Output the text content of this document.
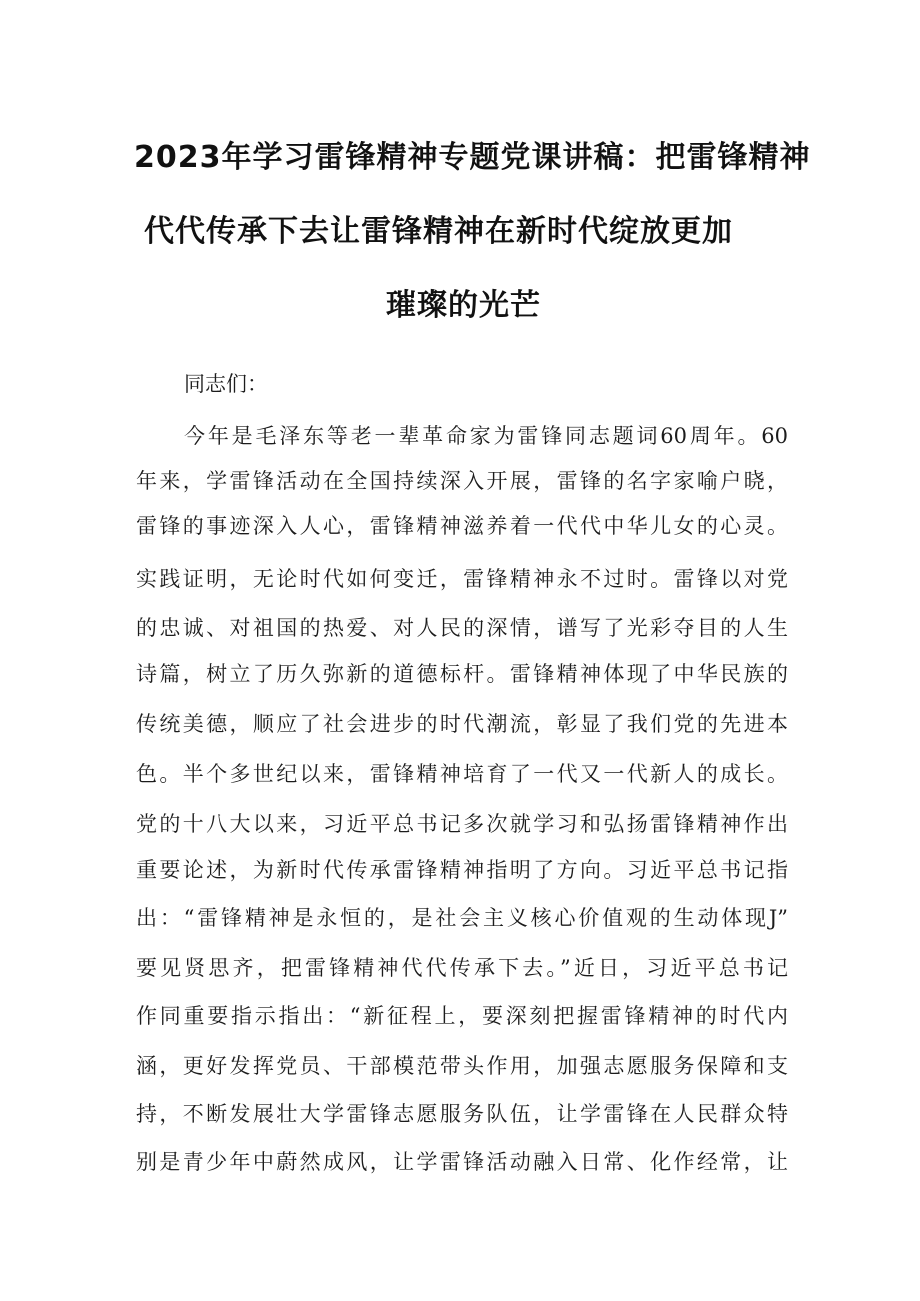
2023年学习雷锋精神专题党课讲稿：把雷锋精神
代代传承下去让雷锋精神在新时代绽放更加
璀璨的光芒
同志们：
今年是毛泽东等老一辈革命家为雷锋同志题词60周年。60
年来，学雷锋活动在全国持续深入开展，雷锋的名字家喻户晓，
雷锋的事迹深入人心，雷锋精神滋养着一代代中华儿女的心灵。
实践证明，无论时代如何变迁，雷锋精神永不过时。雷锋以对党
的忠诚、对祖国的热爱、对人民的深情，谱写了光彩夺目的人生
诗篇，树立了历久弥新的道德标杆。雷锋精神体现了中华民族的
传统美德，顺应了社会进步的时代潮流，彰显了我们党的先进本
色。半个多世纪以来，雷锋精神培育了一代又一代新人的成长。
党的十八大以来，习近平总书记多次就学习和弘扬雷锋精神作出
重要论述，为新时代传承雷锋精神指明了方向。习近平总书记指
出：“雷锋精神是永恒的，是社会主义核心价值观的生动体现J”
要见贤思齐，把雷锋精神代代传承下去。”近日，习近平总书记
作同重要指示指出：“新征程上，要深刻把握雷锋精神的时代内
涵，更好发挥党员、干部模范带头作用，加强志愿服务保障和支
持，不断发展壮大学雷锋志愿服务队伍，让学雷锋在人民群众特
别是青少年中蔚然成风，让学雷锋活动融入日常、化作经常，让
